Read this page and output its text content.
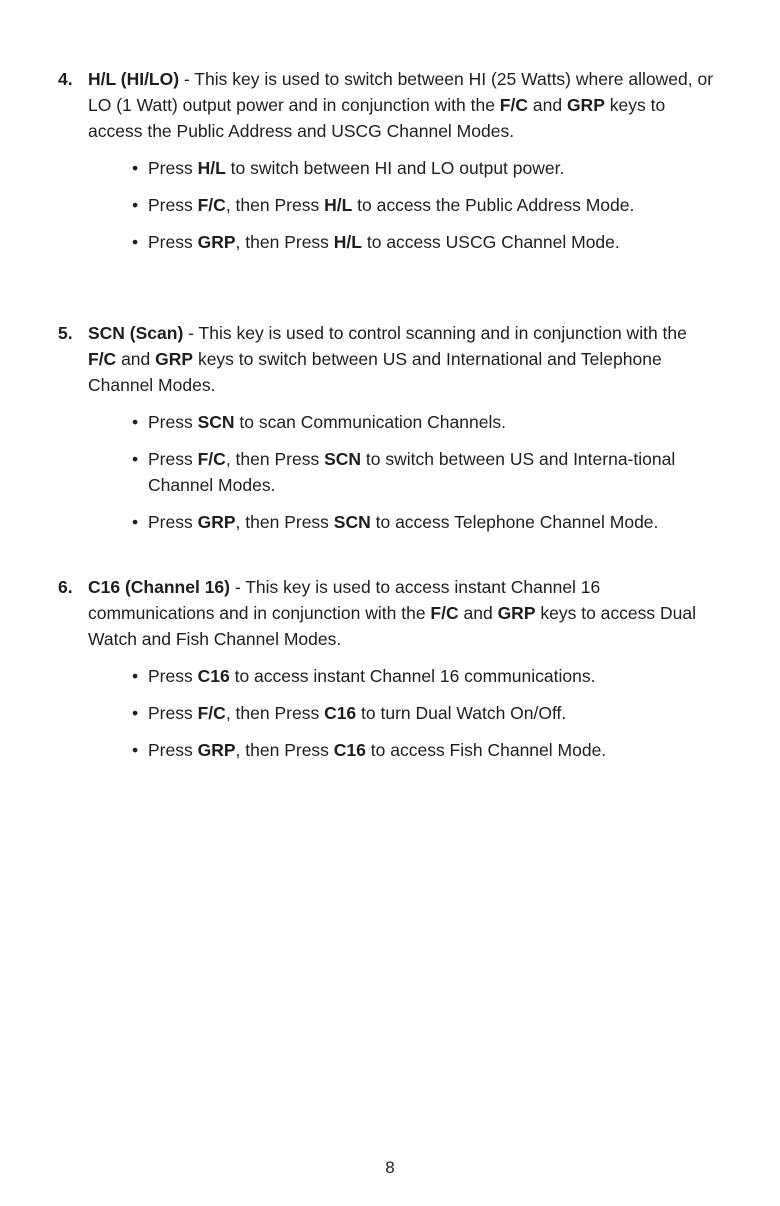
4. H/L (HI/LO) - This key is used to switch between HI (25 Watts) where allowed, or LO (1 Watt) output power and in conjunction with the F/C and GRP keys to access the Public Address and USCG Channel Modes.
• Press H/L to switch between HI and LO output power.
• Press F/C, then Press H/L to access the Public Address Mode.
• Press GRP, then Press H/L to access USCG Channel Mode.
5. SCN (Scan) - This key is used to control scanning and in conjunction with the F/C and GRP keys to switch between US and International and Telephone Channel Modes.
• Press SCN to scan Communication Channels.
• Press F/C, then Press SCN to switch between US and Interna-tional Channel Modes.
• Press GRP, then Press SCN to access Telephone Channel Mode.
6. C16 (Channel 16) - This key is used to access instant Channel 16 communications and in conjunction with the F/C and GRP keys to access Dual Watch and Fish Channel Modes.
• Press C16 to access instant Channel 16 communications.
• Press F/C, then Press C16 to turn Dual Watch On/Off.
• Press GRP, then Press C16 to access Fish Channel Mode.
8
